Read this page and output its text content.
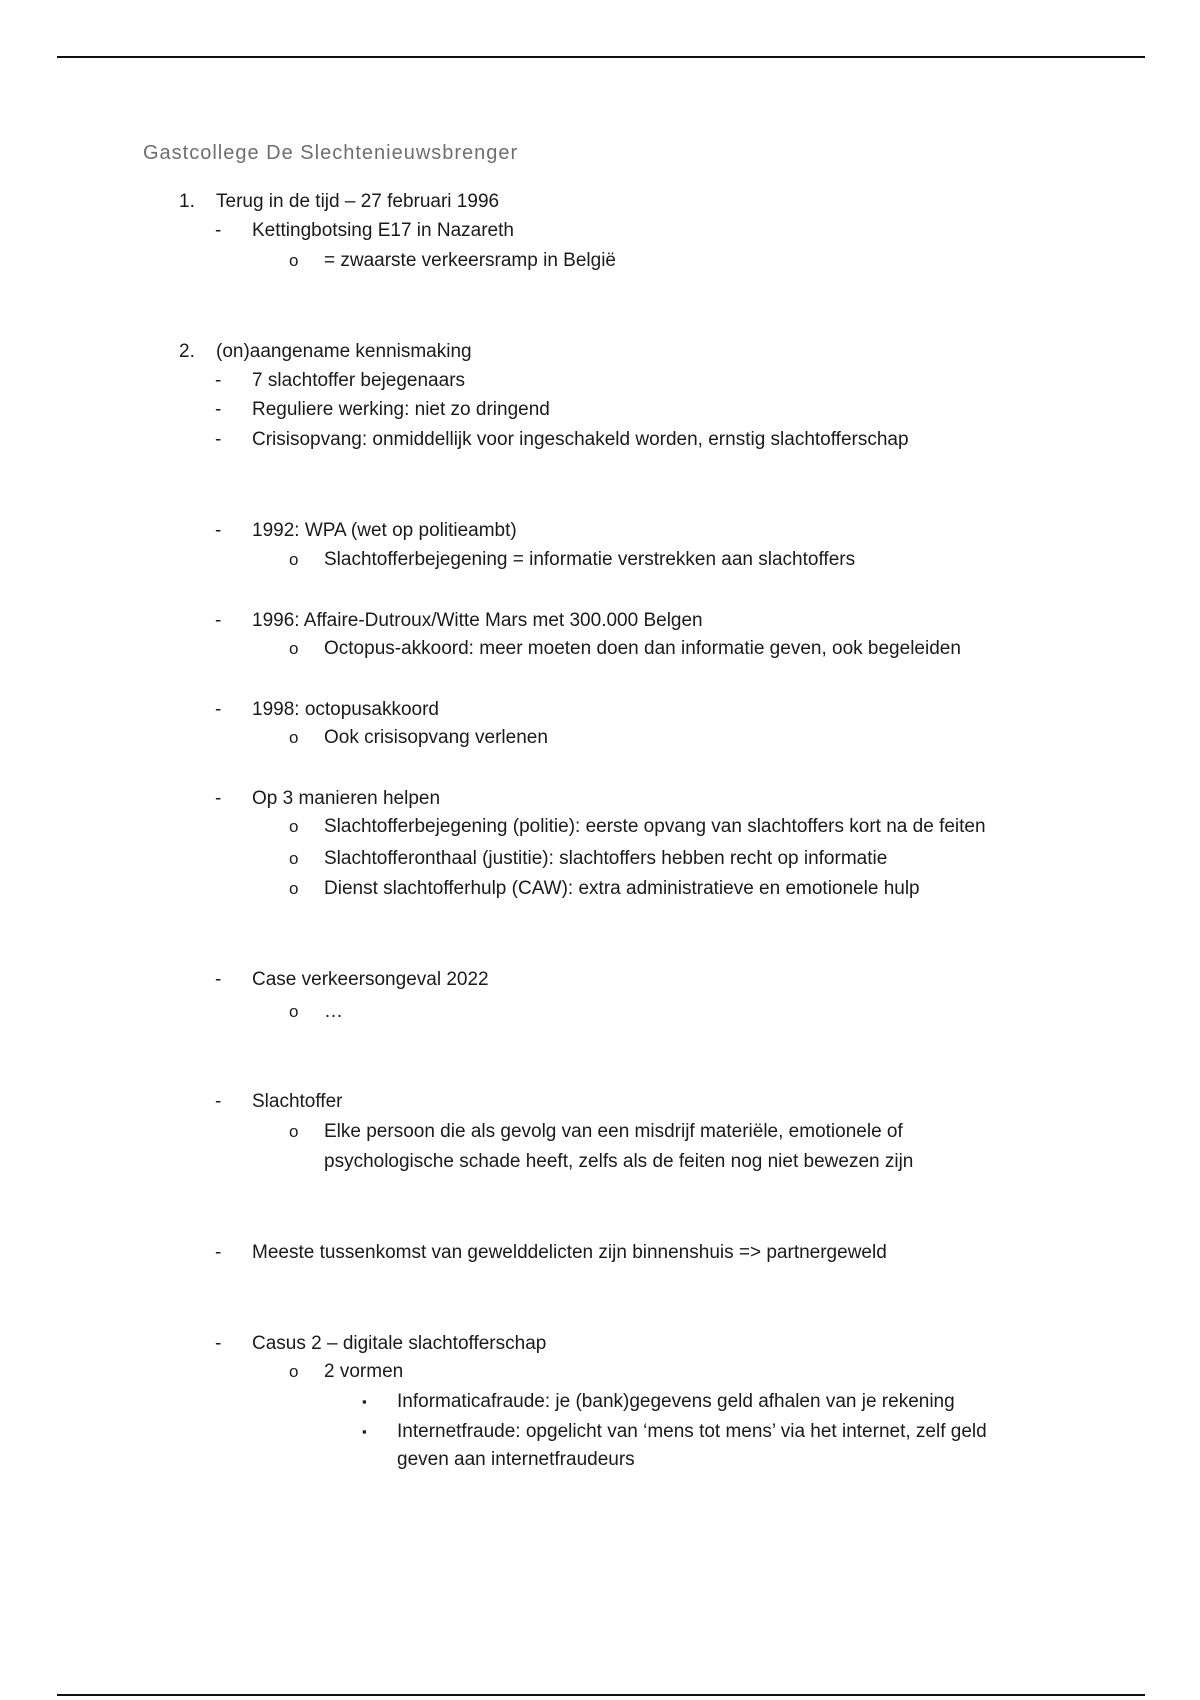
Gastcollege De Slechtenieuwsbrenger
1. Terug in de tijd – 27 februari 1996
- Kettingbotsing E17 in Nazareth
o = zwaarste verkeersramp in België
2. (on)aangename kennismaking
- 7 slachtoffer bejegenaars
- Reguliere werking: niet zo dringend
- Crisisopvang: onmiddellijk voor ingeschakeld worden, ernstig slachtofferschap
- 1992: WPA (wet op politieambt)
o Slachtofferbejegening = informatie verstrekken aan slachtoffers
- 1996: Affaire-Dutroux/Witte Mars met 300.000 Belgen
o Octopus-akkoord: meer moeten doen dan informatie geven, ook begeleiden
- 1998: octopusakkoord
o Ook crisisopvang verlenen
- Op 3 manieren helpen
o Slachtofferbejegening (politie): eerste opvang van slachtoffers kort na de feiten
o Slachtofferonthaal (justitie): slachtoffers hebben recht op informatie
o Dienst slachtofferhulp (CAW): extra administratieve en emotionele hulp
- Case verkeersongeval 2022
o …
- Slachtoffer
o Elke persoon die als gevolg van een misdrijf materiële, emotionele of
psychologische schade heeft, zelfs als de feiten nog niet bewezen zijn
- Meeste tussenkomst van gewelddelicten zijn binnenshuis => partnergeweld
- Casus 2 – digitale slachtofferschap
o 2 vormen
▪ Informaticafraude: je (bank)gegevens geld afhalen van je rekening
▪ Internetfraude: opgelicht van ‘mens tot mens’ via het internet, zelf geld
geven aan internetfraudeurs
